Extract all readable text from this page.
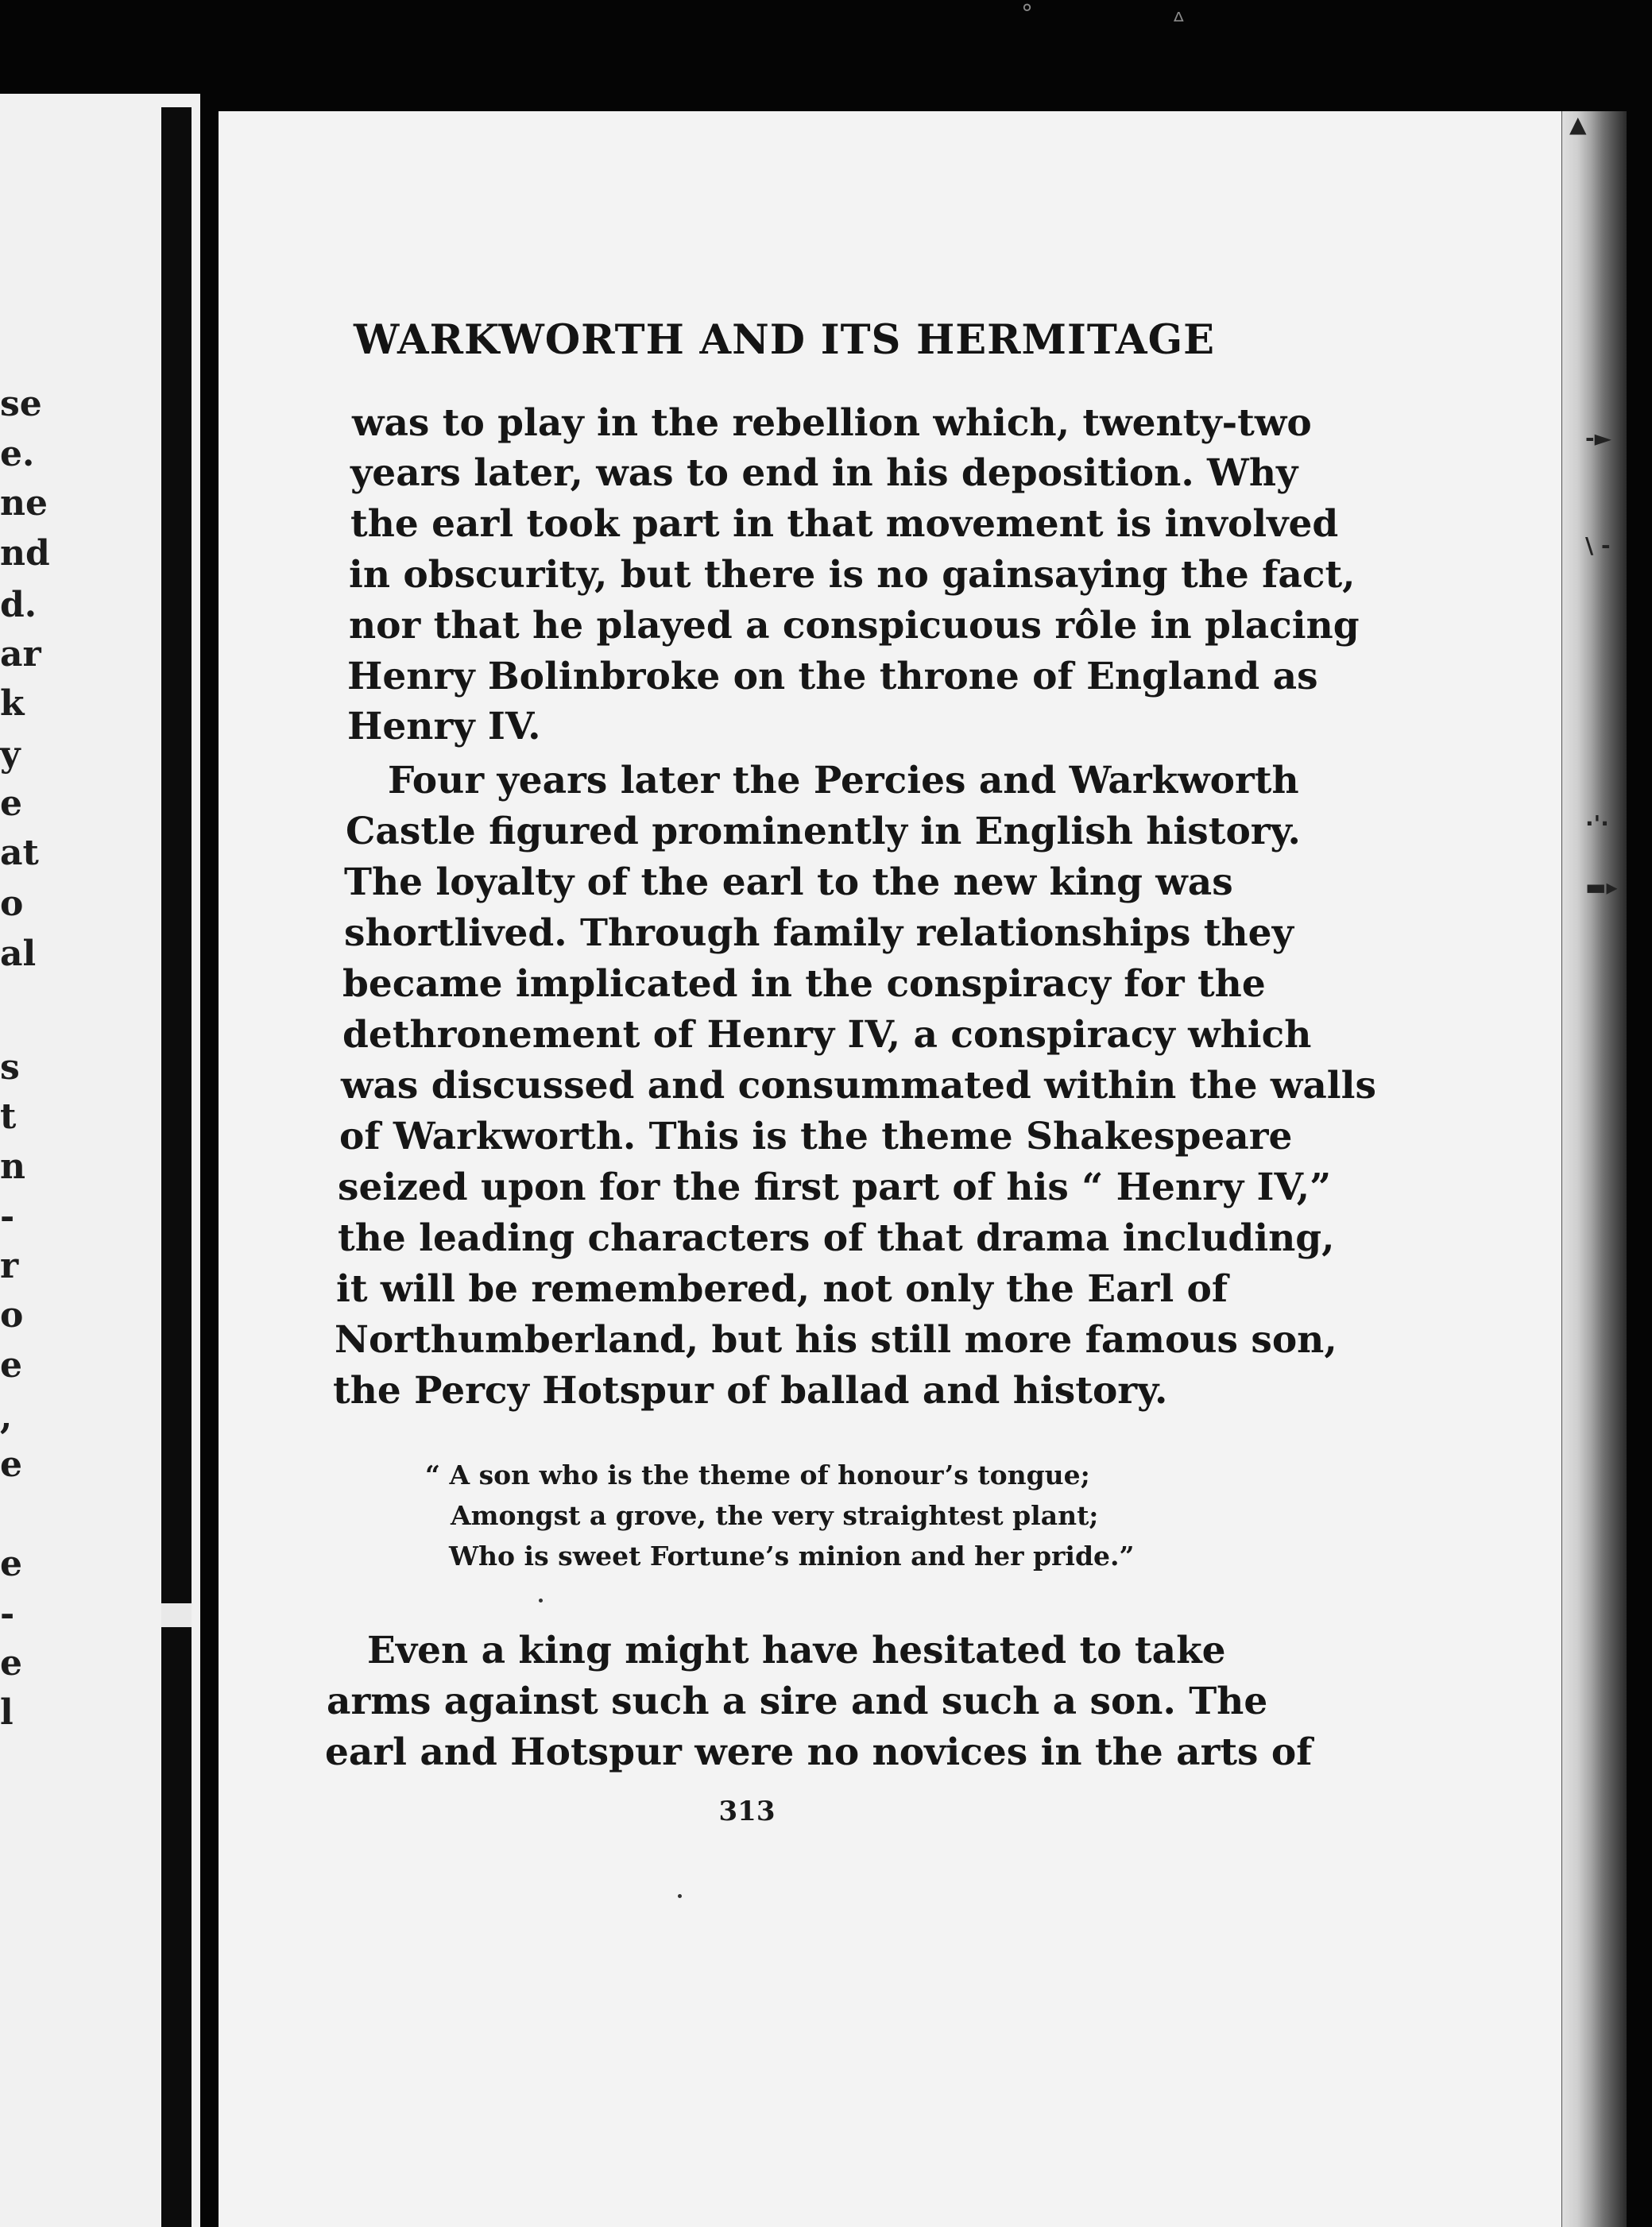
se
e.
ne
nd
d.
ar
k
y
e
at
o
al
s
t
n
-
r
o
e
,
e
e
-
e
l
-►
\ -
·'·
▬▸
°	ᐞ
▲
WARKWORTH AND ITS HERMITAGE
was to play in the rebellion which, twenty-two
years later, was to end in his deposition. Why
the earl took part in that movement is involved
in obscurity, but there is no gainsaying the fact,
nor that he played a conspicuous rôle in placing
Henry Bolinbroke on the throne of England as
Henry IV.
Four years later the Percies and Warkworth
Castle figured prominently in English history.
The loyalty of the earl to the new king was
shortlived. Through family relationships they
became implicated in the conspiracy for the
dethronement of Henry IV, a conspiracy which
was discussed and consummated within the walls
of Warkworth. This is the theme Shakespeare
seized upon for the first part of his “ Henry IV,”
the leading characters of that drama including,
it will be remembered, not only the Earl of
Northumberland, but his still more famous son,
the Percy Hotspur of ballad and history.
“ A son who is the theme of honour’s tongue;
Amongst a grove, the very straightest plant;
Who is sweet Fortune’s minion and her pride.”
Even a king might have hesitated to take
arms against such a sire and such a son. The
earl and Hotspur were no novices in the arts of
313
